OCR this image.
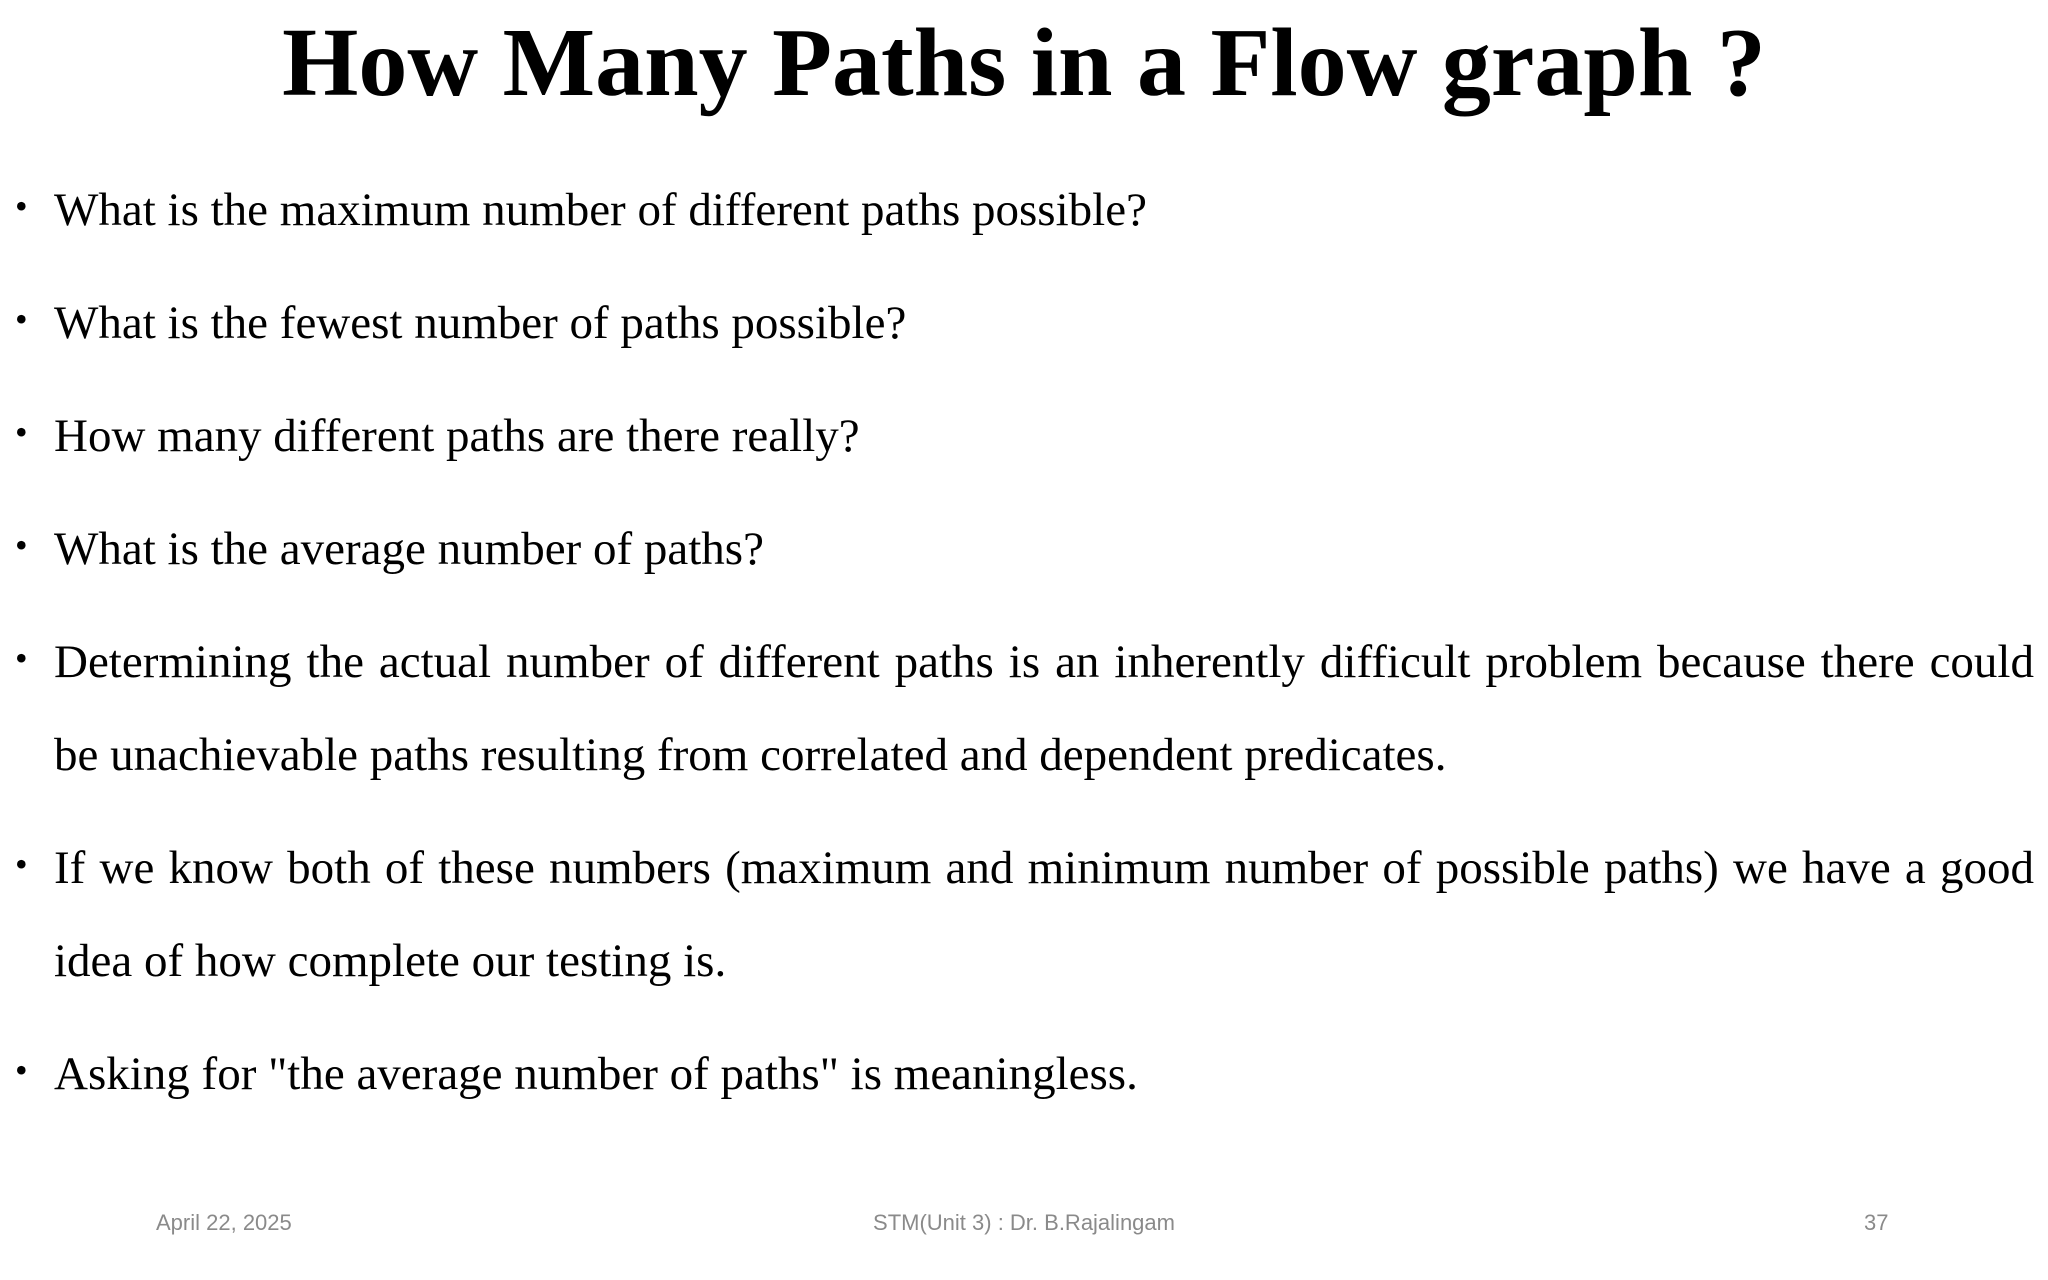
How Many Paths in a Flow graph ?
• What is the maximum number of different paths possible?
• What is the fewest number of paths possible?
• How many different paths are there really?
• What is the average number of paths?
• Determining the actual number of different paths is an inherently difficult problem because there could be unachievable paths resulting from correlated and dependent predicates.
• If we know both of these numbers (maximum and minimum number of possible paths) we have a good idea of how complete our testing is.
• Asking for "the average number of paths" is meaningless.
April 22, 2025	STM(Unit 3) : Dr. B.Rajalingam	37
